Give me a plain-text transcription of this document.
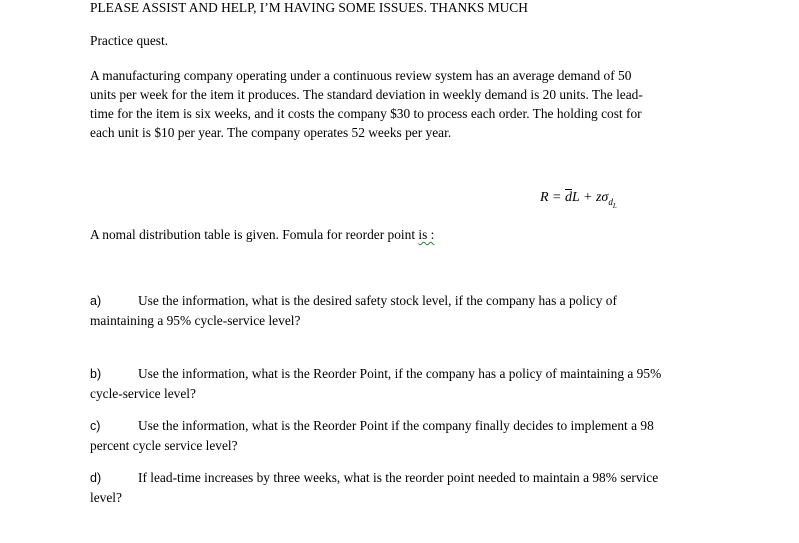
PLEASE ASSIST AND HELP, I’M HAVING SOME ISSUES. THANKS MUCH
Practice quest.
A manufacturing company operating under a continuous review system has an average demand of 50
units per week for the item it produces. The standard deviation in weekly demand is 20 units. The lead-
time for the item is six weeks, and it costs the company $30 to process each order. The holding cost for
each unit is $10 per year. The company operates 52 weeks per year.
$R = \overline{d}L + z\sigma_{d_L}$
A nomal distribution table is given. Fomula for reorder point is :
a)	Use the information, what is the desired safety stock level, if the company has a policy of
maintaining a 95% cycle-service level?
b)	Use the information, what is the Reorder Point, if the company has a policy of maintaining a 95%
cycle-service level?
c)	Use the information, what is the Reorder Point if the company finally decides to implement a 98
percent cycle service level?
d)	If lead-time increases by three weeks, what is the reorder point needed to maintain a 98% service
level?
